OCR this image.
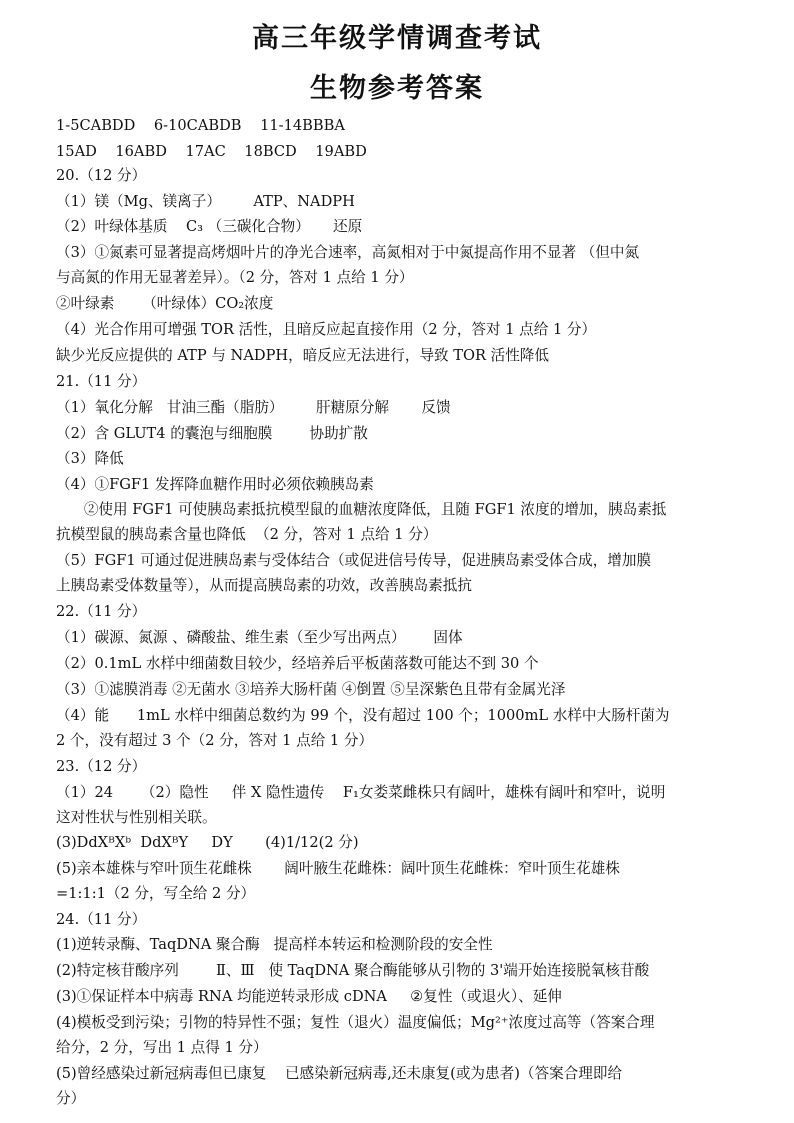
高三年级学情调查考试
生物参考答案
1-5CABDD    6-10CABDB    11-14BBBA
15AD    16ABD    17AC    18BCD    19ABD
20.（12 分）
（1）镁（Mg、镁离子）       ATP、NADPH
（2）叶绿体基质    C₃ （三碳化合物）     还原
（3）①氮素可显著提高烤烟叶片的净光合速率，高氮相对于中氮提高作用不显著 （但中氮
与高氮的作用无显著差异）。（2 分，答对 1 点给 1 分）
②叶绿素      （叶绿体）CO₂浓度
（4）光合作用可增强 TOR 活性，且暗反应起直接作用（2 分，答对 1 点给 1 分）
缺少光反应提供的 ATP 与 NADPH，暗反应无法进行，导致 TOR 活性降低
21.（11 分）
（1）氧化分解   甘油三酯（脂肪）       肝糖原分解       反馈
（2）含 GLUT4 的囊泡与细胞膜        协助扩散
（3）降低
（4）①FGF1 发挥降血糖作用时必须依赖胰岛素
②使用 FGF1 可使胰岛素抵抗模型鼠的血糖浓度降低，且随 FGF1 浓度的增加，胰岛素抵
抗模型鼠的胰岛素含量也降低  （2 分，答对 1 点给 1 分）
（5）FGF1 可通过促进胰岛素与受体结合（或促进信号传导，促进胰岛素受体合成，增加膜
上胰岛素受体数量等），从而提高胰岛素的功效，改善胰岛素抵抗
22.（11 分）
（1）碳源、氮源 、磷酸盐、维生素（至少写出两点）      固体
（2）0.1mL 水样中细菌数目较少，经培养后平板菌落数可能达不到 30 个
（3）①滤膜消毒 ②无菌水 ③培养大肠杆菌 ④倒置 ⑤呈深紫色且带有金属光泽
（4）能      1mL 水样中细菌总数约为 99 个，没有超过 100 个；1000mL 水样中大肠杆菌为
2 个，没有超过 3 个（2 分，答对 1 点给 1 分）
23.（12 分）
（1）24      （2）隐性     伴 X 隐性遗传    F₁女娄菜雌株只有阔叶，雄株有阔叶和窄叶，说明
这对性状与性别相关联。
(3)DdXᴮXᵇ  DdXᴮY     DY       (4)1/12(2 分)
(5)亲本雄株与窄叶顶生花雌株       阔叶腋生花雌株：阔叶顶生花雌株：窄叶顶生花雄株
=1:1:1（2 分，写全给 2 分）
24.（11 分）
(1)逆转录酶、TaqDNA 聚合酶   提高样本转运和检测阶段的安全性
(2)特定核苷酸序列        Ⅱ、Ⅲ   使 TaqDNA 聚合酶能够从引物的 3'端开始连接脱氧核苷酸
(3)①保证样本中病毒 RNA 均能逆转录形成 cDNA     ②复性（或退火）、延伸
(4)模板受到污染；引物的特异性不强；复性（退火）温度偏低；Mg²⁺浓度过高等（答案合理
给分，2 分，写出 1 点得 1 分）
(5)曾经感染过新冠病毒但已康复    已感染新冠病毒,还未康复(或为患者)（答案合理即给
分）
